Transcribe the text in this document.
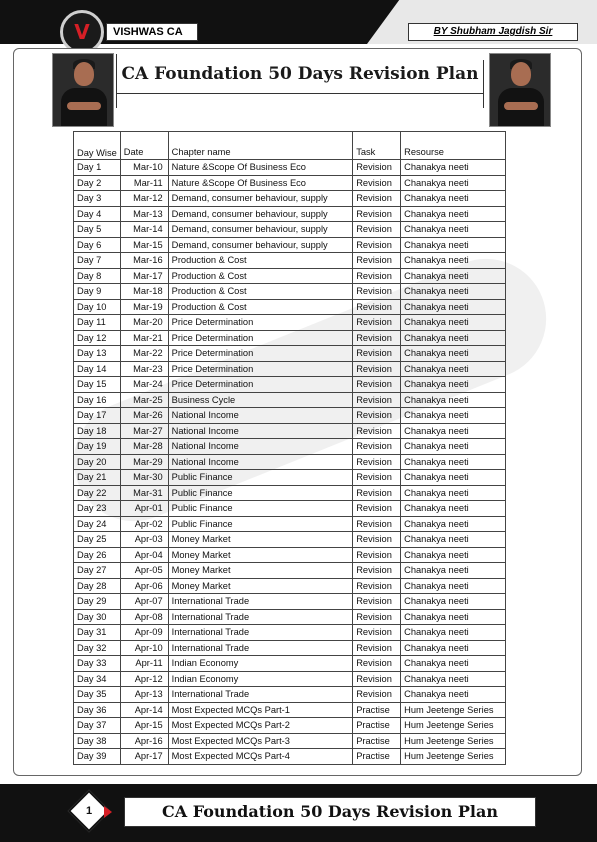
V	VISHWAS CA	BY Shubham Jagdish Sir
CA Foundation 50 Days Revision Plan
Day Wise	Date	Chapter name	Task	Resourse
Day 1	Mar-10	Nature &Scope Of Business Eco	Revision	Chanakya neeti
Day 2	Mar-11	Nature &Scope Of Business Eco	Revision	Chanakya neeti
Day 3	Mar-12	Demand, consumer behaviour, supply	Revision	Chanakya neeti
Day 4	Mar-13	Demand, consumer behaviour, supply	Revision	Chanakya neeti
Day 5	Mar-14	Demand, consumer behaviour, supply	Revision	Chanakya neeti
Day 6	Mar-15	Demand, consumer behaviour, supply	Revision	Chanakya neeti
Day 7	Mar-16	Production & Cost	Revision	Chanakya neeti
Day 8	Mar-17	Production & Cost	Revision	Chanakya neeti
Day 9	Mar-18	Production & Cost	Revision	Chanakya neeti
Day 10	Mar-19	Production & Cost	Revision	Chanakya neeti
Day 11	Mar-20	Price Determination	Revision	Chanakya neeti
Day 12	Mar-21	Price Determination	Revision	Chanakya neeti
Day 13	Mar-22	Price Determination	Revision	Chanakya neeti
Day 14	Mar-23	Price Determination	Revision	Chanakya neeti
Day 15	Mar-24	Price Determination	Revision	Chanakya neeti
Day 16	Mar-25	Business Cycle	Revision	Chanakya neeti
Day 17	Mar-26	National Income	Revision	Chanakya neeti
Day 18	Mar-27	National Income	Revision	Chanakya neeti
Day 19	Mar-28	National Income	Revision	Chanakya neeti
Day 20	Mar-29	National Income	Revision	Chanakya neeti
Day 21	Mar-30	Public Finance	Revision	Chanakya neeti
Day 22	Mar-31	Public Finance	Revision	Chanakya neeti
Day 23	Apr-01	Public Finance	Revision	Chanakya neeti
Day 24	Apr-02	Public Finance	Revision	Chanakya neeti
Day 25	Apr-03	Money Market	Revision	Chanakya neeti
Day 26	Apr-04	Money Market	Revision	Chanakya neeti
Day 27	Apr-05	Money Market	Revision	Chanakya neeti
Day 28	Apr-06	Money Market	Revision	Chanakya neeti
Day 29	Apr-07	International Trade	Revision	Chanakya neeti
Day 30	Apr-08	International Trade	Revision	Chanakya neeti
Day 31	Apr-09	International Trade	Revision	Chanakya neeti
Day 32	Apr-10	International Trade	Revision	Chanakya neeti
Day 33	Apr-11	Indian Economy	Revision	Chanakya neeti
Day 34	Apr-12	Indian Economy	Revision	Chanakya neeti
Day 35	Apr-13	International Trade	Revision	Chanakya neeti
Day 36	Apr-14	Most Expected MCQs Part-1	Practise	Hum Jeetenge Series
Day 37	Apr-15	Most Expected MCQs Part-2	Practise	Hum Jeetenge Series
Day 38	Apr-16	Most Expected MCQs Part-3	Practise	Hum Jeetenge Series
Day 39	Apr-17	Most Expected MCQs Part-4	Practise	Hum Jeetenge Series
1	CA Foundation 50 Days Revision Plan
